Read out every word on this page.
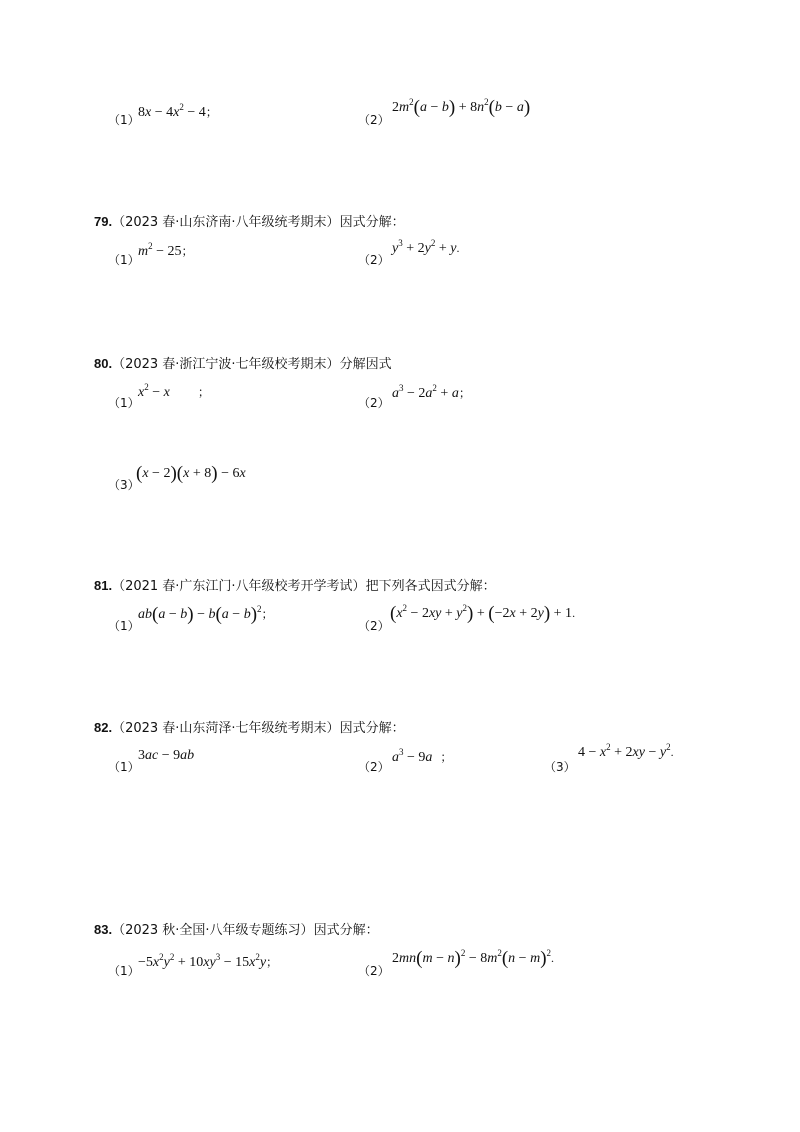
（1）
$8x - 4x^2 - 4$；
（2）
$2m^2(a - b) + 8n^2(b - a)$
79.（2023 春·山东济南·八年级统考期末）因式分解：
（1）
$m^2 - 25$；
（2）
$y^3 + 2y^2 + y$.
80.（2023 春·浙江宁波·七年级校考期末）分解因式
（1）
$x^2 - x$ ；
（2）
$a^3 - 2a^2 + a$；
（3）
(x − 2)(x + 8) − 6x
81.（2021 春·广东江门·八年级校考开学考试）把下列各式因式分解：
（1）
$ab(a - b) - b(a - b)^2$；
（2）
$(x^2 - 2xy + y^2) + (-2x + 2y) + 1$.
82.（2023 春·山东菏泽·七年级统考期末）因式分解：
（1）
3ac − 9ab
（2）
$a^3 - 9a$ ；
（3）
$4 - x^2 + 2xy - y^2$.
83.（2023 秋·全国·八年级专题练习）因式分解：
（1）
$-5x^2y^2 + 10xy^3 - 15x^2y$；
（2）
$2mn(m - n)^2 - 8m^2(n - m)^2$.
